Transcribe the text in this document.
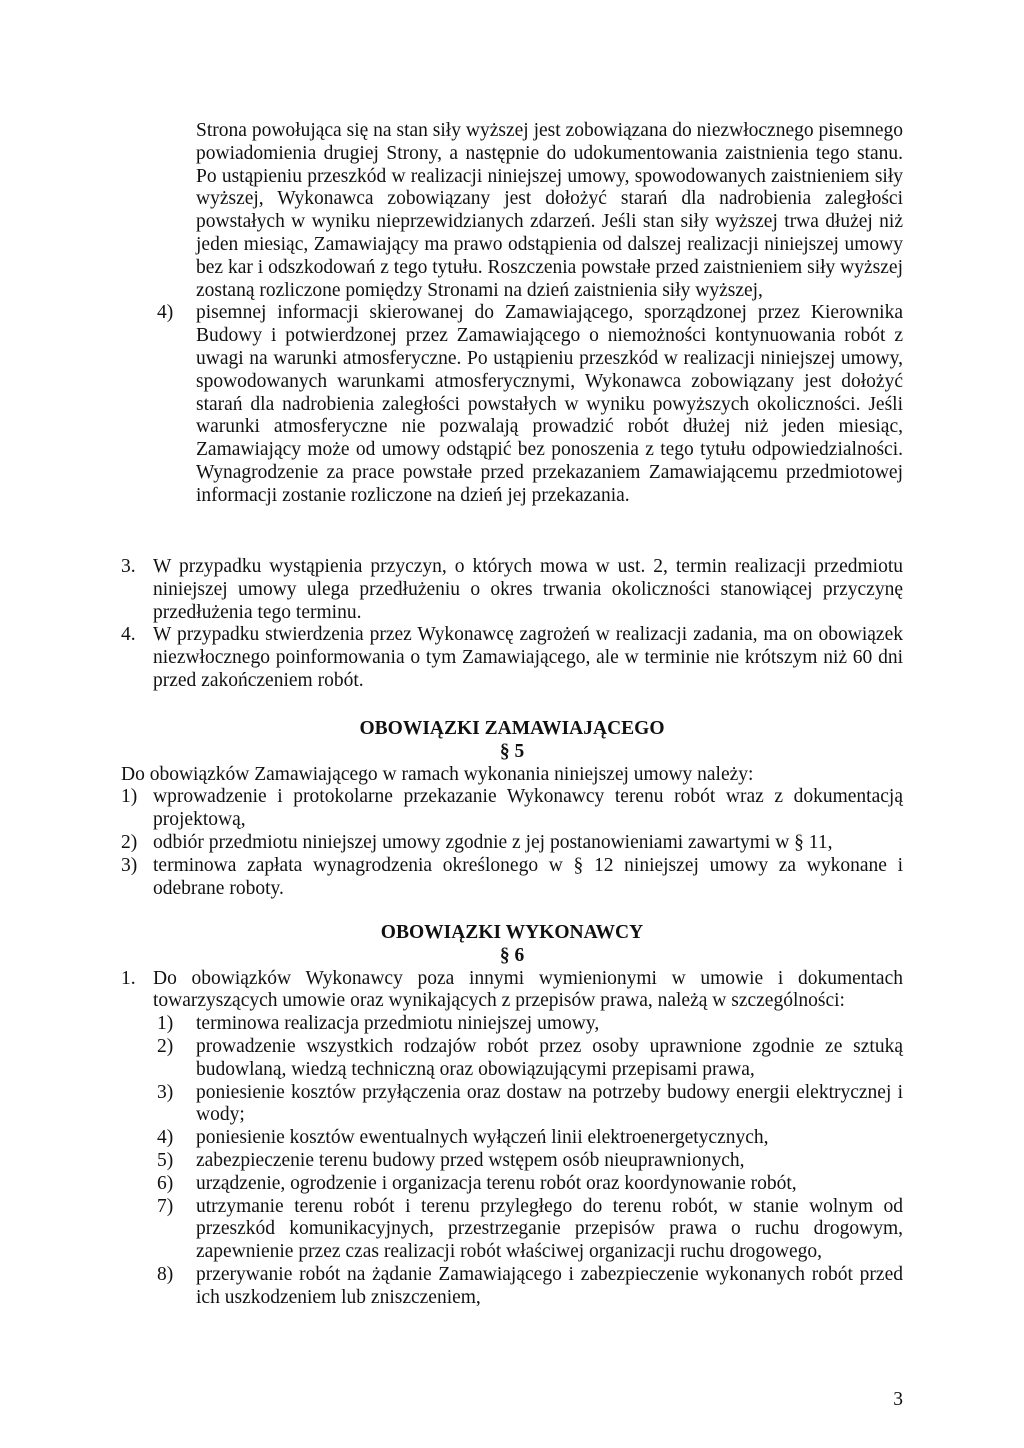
Strona powołująca się na stan siły wyższej jest zobowiązana do niezwłocznego pisemnego powiadomienia drugiej Strony, a następnie do udokumentowania zaistnienia tego stanu. Po ustąpieniu przeszkód w realizacji niniejszej umowy, spowodowanych zaistnieniem siły wyższej, Wykonawca zobowiązany jest dołożyć starań dla nadrobienia zaległości powstałych w wyniku nieprzewidzianych zdarzeń. Jeśli stan siły wyższej trwa dłużej niż jeden miesiąc, Zamawiający ma prawo odstąpienia od dalszej realizacji niniejszej umowy bez kar i odszkodowań z tego tytułu. Roszczenia powstałe przed zaistnieniem siły wyższej zostaną rozliczone pomiędzy Stronami na dzień zaistnienia siły wyższej,
4) pisemnej informacji skierowanej do Zamawiającego, sporządzonej przez Kierownika Budowy i potwierdzonej przez Zamawiającego o niemożności kontynuowania robót z uwagi na warunki atmosferyczne. Po ustąpieniu przeszkód w realizacji niniejszej umowy, spowodowanych warunkami atmosferycznymi, Wykonawca zobowiązany jest dołożyć starań dla nadrobienia zaległości powstałych w wyniku powyższych okoliczności. Jeśli warunki atmosferyczne nie pozwalają prowadzić robót dłużej niż jeden miesiąc, Zamawiający może od umowy odstąpić bez ponoszenia z tego tytułu odpowiedzialności. Wynagrodzenie za prace powstałe przed przekazaniem Zamawiającemu przedmiotowej informacji zostanie rozliczone na dzień jej przekazania.
3. W przypadku wystąpienia przyczyn, o których mowa w ust. 2, termin realizacji przedmiotu niniejszej umowy ulega przedłużeniu o okres trwania okoliczności stanowiącej przyczynę przedłużenia tego terminu.
4. W przypadku stwierdzenia przez Wykonawcę zagrożeń w realizacji zadania, ma on obowiązek niezwłocznego poinformowania o tym Zamawiającego, ale w terminie nie krótszym niż 60 dni przed zakończeniem robót.
OBOWIĄZKI ZAMAWIAJĄCEGO
§ 5
Do obowiązków Zamawiającego w ramach wykonania niniejszej umowy należy:
1) wprowadzenie i protokolarne przekazanie Wykonawcy terenu robót wraz z dokumentacją projektową,
2) odbiór przedmiotu niniejszej umowy zgodnie z jej postanowieniami zawartymi w § 11,
3) terminowa zapłata wynagrodzenia określonego w § 12 niniejszej umowy za wykonane i odebrane roboty.
OBOWIĄZKI WYKONAWCY
§ 6
1. Do obowiązków Wykonawcy poza innymi wymienionymi w umowie i dokumentach towarzyszących umowie oraz wynikających z przepisów prawa, należą w szczególności:
1) terminowa realizacja przedmiotu niniejszej umowy,
2) prowadzenie wszystkich rodzajów robót przez osoby uprawnione zgodnie ze sztuką budowlaną, wiedzą techniczną oraz obowiązującymi przepisami prawa,
3) poniesienie kosztów przyłączenia oraz dostaw na potrzeby budowy energii elektrycznej i wody;
4) poniesienie kosztów ewentualnych wyłączeń linii elektroenergetycznych,
5) zabezpieczenie terenu budowy przed wstępem osób nieuprawnionych,
6) urządzenie, ogrodzenie i organizacja terenu robót oraz koordynowanie robót,
7) utrzymanie terenu robót i terenu przyległego do terenu robót, w stanie wolnym od przeszkód komunikacyjnych, przestrzeganie przepisów prawa o ruchu drogowym, zapewnienie przez czas realizacji robót właściwej organizacji ruchu drogowego,
8) przerywanie robót na żądanie Zamawiającego i zabezpieczenie wykonanych robót przed ich uszkodzeniem lub zniszczeniem,
3
